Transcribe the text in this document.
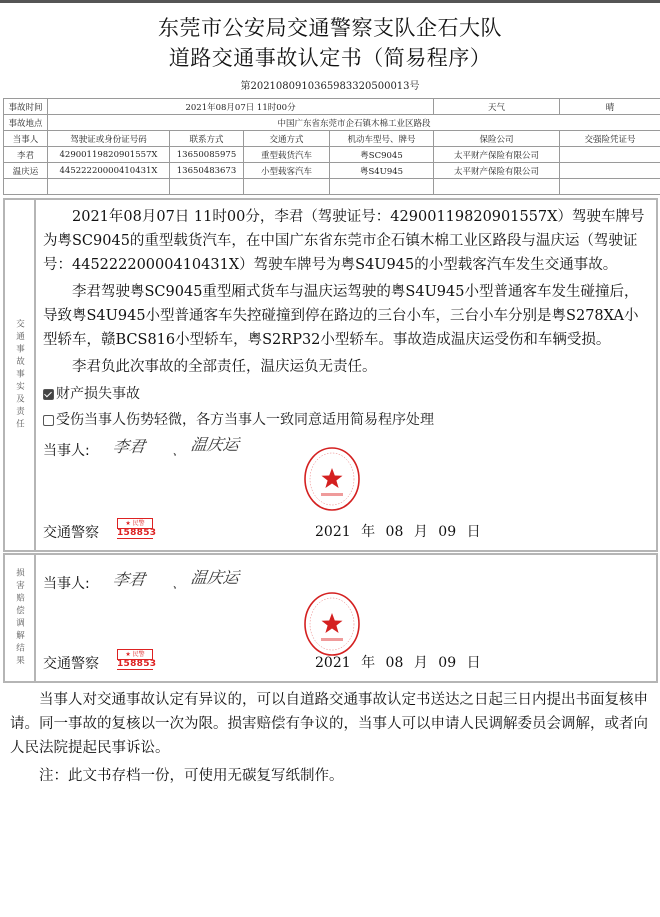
东莞市公安局交通警察支队企石大队
道路交通事故认定书（简易程序）
第2021080910365983320500013号
事故时间	2021年08月07日 11时00分				天气	晴
事故地点	中国广东省东莞市企石镇木棉工业区路段					
当事人	驾驶证或身份证号码	联系方式	交通方式	机动车型号、牌号	保险公司	交强险凭证号
李君	42900119820901557X	13650085975	重型载货汽车	粤SC9045	太平财产保险有限公司	
温庆运	44522220000410431X	13650483673	小型载客汽车	粤S4U945	太平财产保险有限公司	

交通事故事实及责任

2021年08月07日 11时00分，李君（驾驶证号：42900119820901557X）驾驶车牌号为粤SC9045的重型载货汽车，在中国广东省东莞市企石镇木棉工业区路段与温庆运（驾驶证号：44522220000410431X）驾驶车牌号为粤S4U945的小型载客汽车发生交通事故。

李君驾驶粤SC9045重型厢式货车与温庆运驾驶的粤S4U945小型普通客车发生碰撞后，导致粤S4U945小型普通客车失控碰撞到停在路边的三台小车，三台小车分别是粤S278XA小型轿车，赣BCS816小型轿车，粤S2RP32小型轿车。事故造成温庆运受伤和车辆受损。

李君负此次事故的全部责任，温庆运负无责任。

财产损失事故
受伤当事人伤势轻微，各方当事人一致同意适用简易程序处理
当事人: 李君 、 温庆运
交通警察
★ 民警
158853	2021 年 08 月 09 日
损害赔偿调解结果 当事人: 李君 、 温庆运
交通警察
★ 民警
158853	2021 年 08 月 09 日

当事人对交通事故认定有异议的，可以自道路交通事故认定书送达之日起三日内提出书面复核申请。同一事故的复核以一次为限。损害赔偿有争议的，当事人可以申请人民调解委员会调解，或者向人民法院提起民事诉讼。

注：此文书存档一份，可使用无碳复写纸制作。
